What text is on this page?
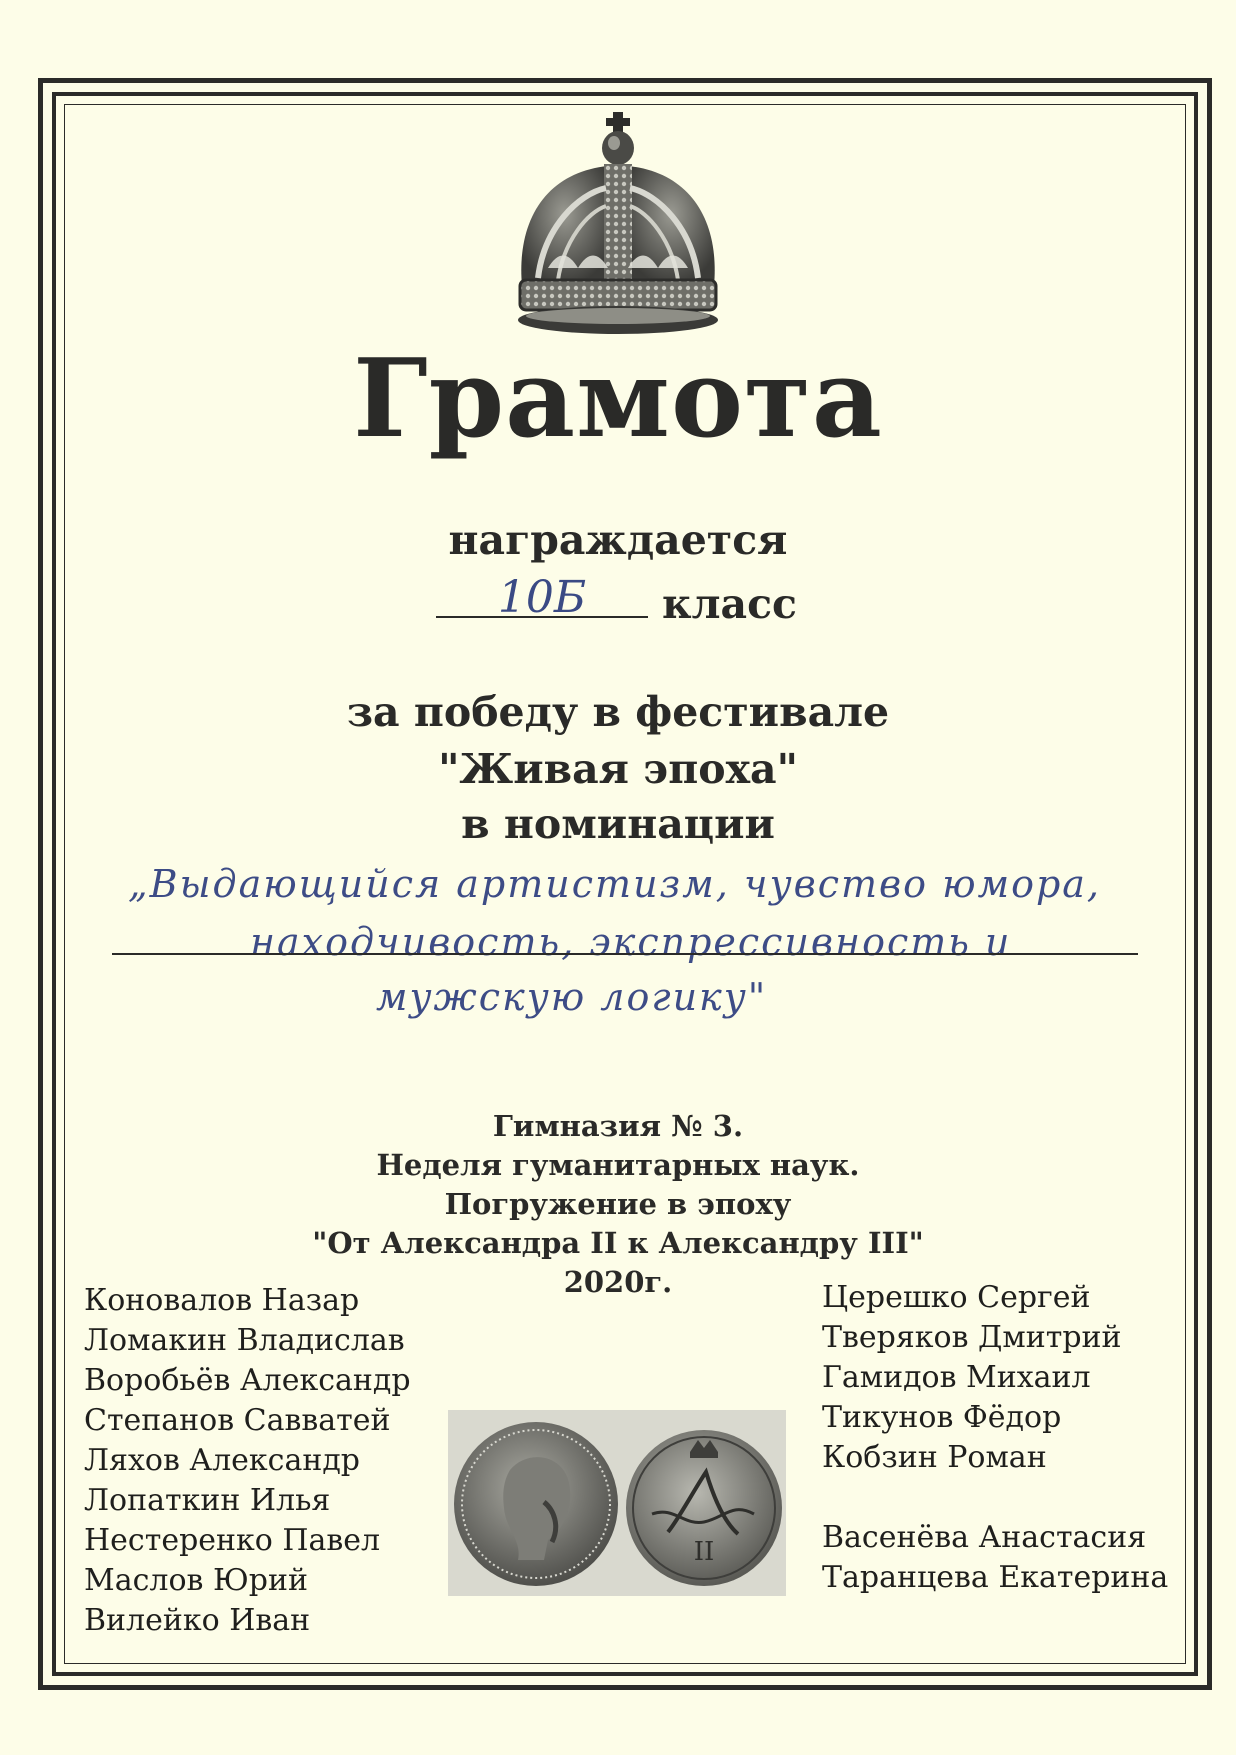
Грамота
награждается
10Б	класс
за победу в фестивале
"Живая эпоха"
в номинации
„Выдающийся артистизм, чувство юмора,
находчивость, экспрессивность и
мужскую логику"
Гимназия № 3.
Неделя гуманитарных наук.
Погружение в эпоху
"От Александра II к Александру III"
2020г.
Коновалов Назар
Ломакин Владислав
Воробьёв Александр
Степанов Савватей
Ляхов Александр
Лопаткин Илья
Нестеренко Павел
Маслов Юрий
Вилейко Иван
Церешко Сергей
Тверяков Дмитрий
Гамидов Михаил
Тикунов Фёдор
Кобзин Роман
Васенёва Анастасия
Таранцева Екатерина
II
